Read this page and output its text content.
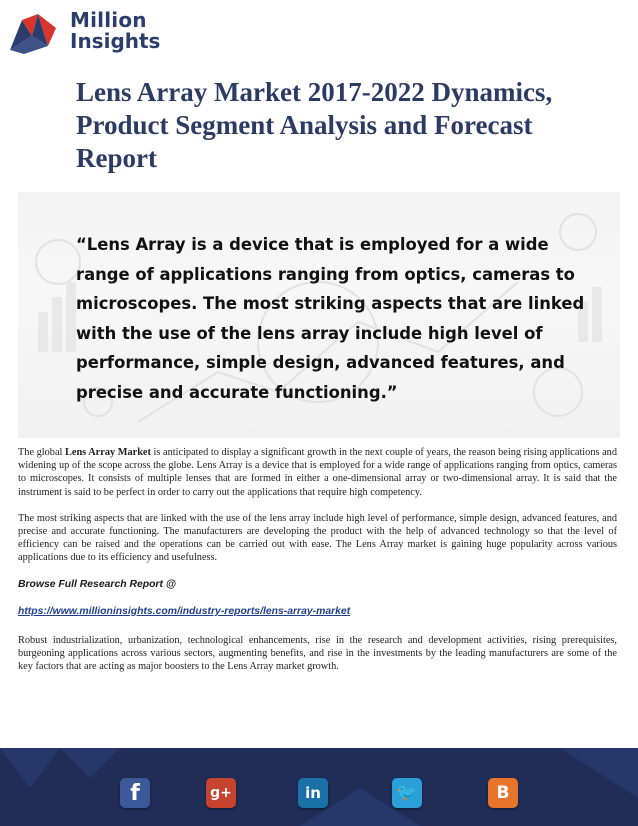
Million
Insights
Lens Array Market 2017-2022 Dynamics, Product Segment Analysis and Forecast Report
“Lens Array is a device that is employed for a wide range of applications ranging from optics, cameras to microscopes. The most striking aspects that are linked with the use of the lens array include high level of performance, simple design, advanced features, and precise and accurate functioning.”

The global Lens Array Market is anticipated to display a significant growth in the next couple of years, the reason being rising applications and widening up of the scope across the globe. Lens Array is a device that is employed for a wide range of applications ranging from optics, cameras to microscopes. It consists of multiple lenses that are formed in either a one-dimensional array or two-dimensional array. It is said that the instrument is said to be perfect in order to carry out the applications that require high competency.

The most striking aspects that are linked with the use of the lens array include high level of performance, simple design, advanced features, and precise and accurate functioning. The manufacturers are developing the product with the help of advanced technology so that the level of efficiency can be raised and the operations can be carried out with ease. The Lens Array market is gaining huge popularity across various applications due to its efficiency and usefulness.

Browse Full Research Report @
https://www.millioninsights.com/industry-reports/lens-array-market

Robust industrialization, urbanization, technological enhancements, rise in the research and development activities, rising prerequisites, burgeoning applications across various sectors, augmenting benefits, and rise in the investments by the leading manufacturers are some of the key factors that are acting as major boosters to the Lens Array market growth.

f	g+	in	🐦	B
